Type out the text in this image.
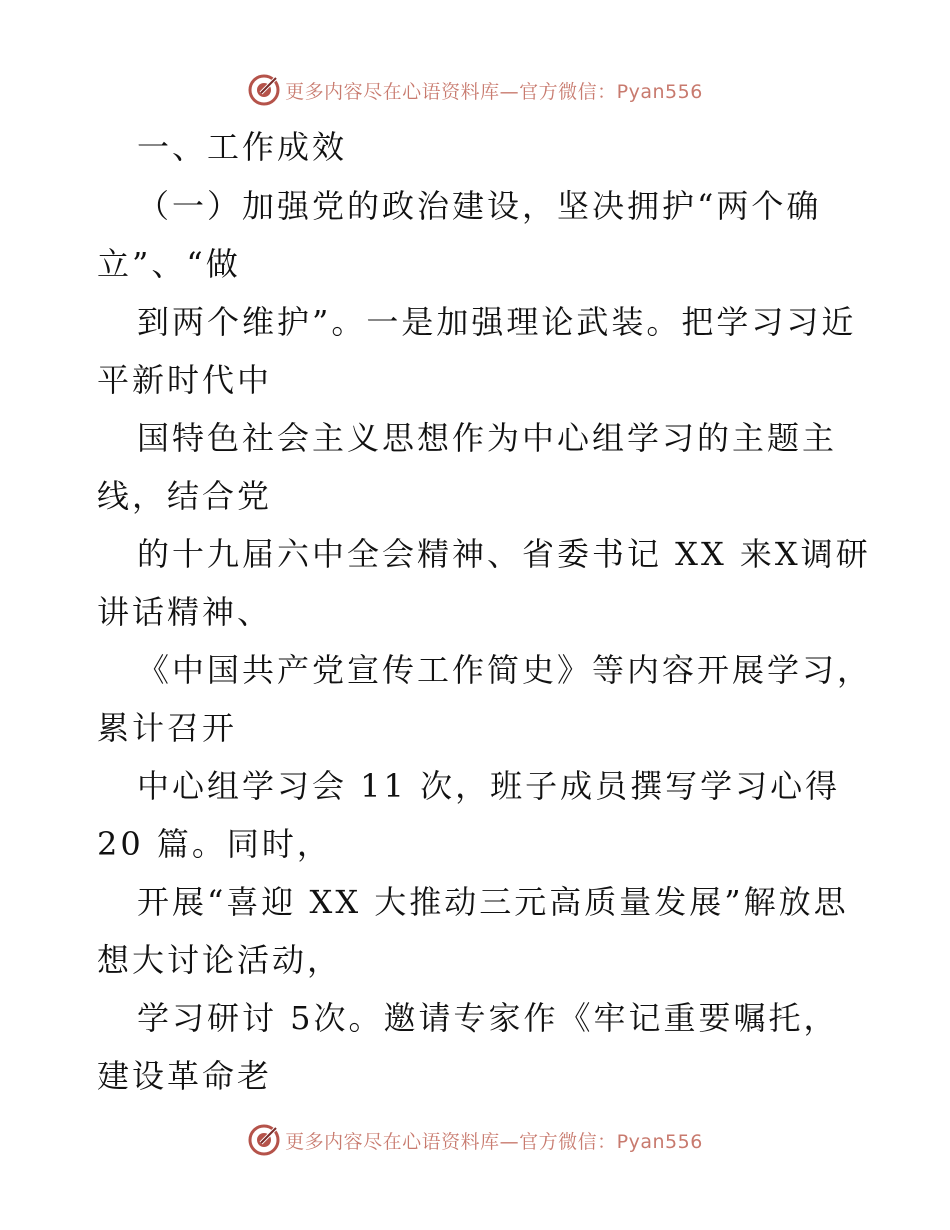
更多内容尽在心语资料库—官方微信：Pyan556
一、工作成效
（一）加强党的政治建设，坚决拥护“两个确
立”、“做
到两个维护”。一是加强理论武装。把学习习近
平新时代中
国特色社会主义思想作为中心组学习的主题主
线，结合党
的十九届六中全会精神、省委书记 XX 来X调研
讲话精神、
《中国共产党宣传工作简史》等内容开展学习，
累计召开
中心组学习会 11 次，班子成员撰写学习心得
20 篇。同时，
开展“喜迎 XX 大推动三元高质量发展”解放思
想大讨论活动，
学习研讨 5次。邀请专家作《牢记重要嘱托，
建设革命老
更多内容尽在心语资料库—官方微信：Pyan556
